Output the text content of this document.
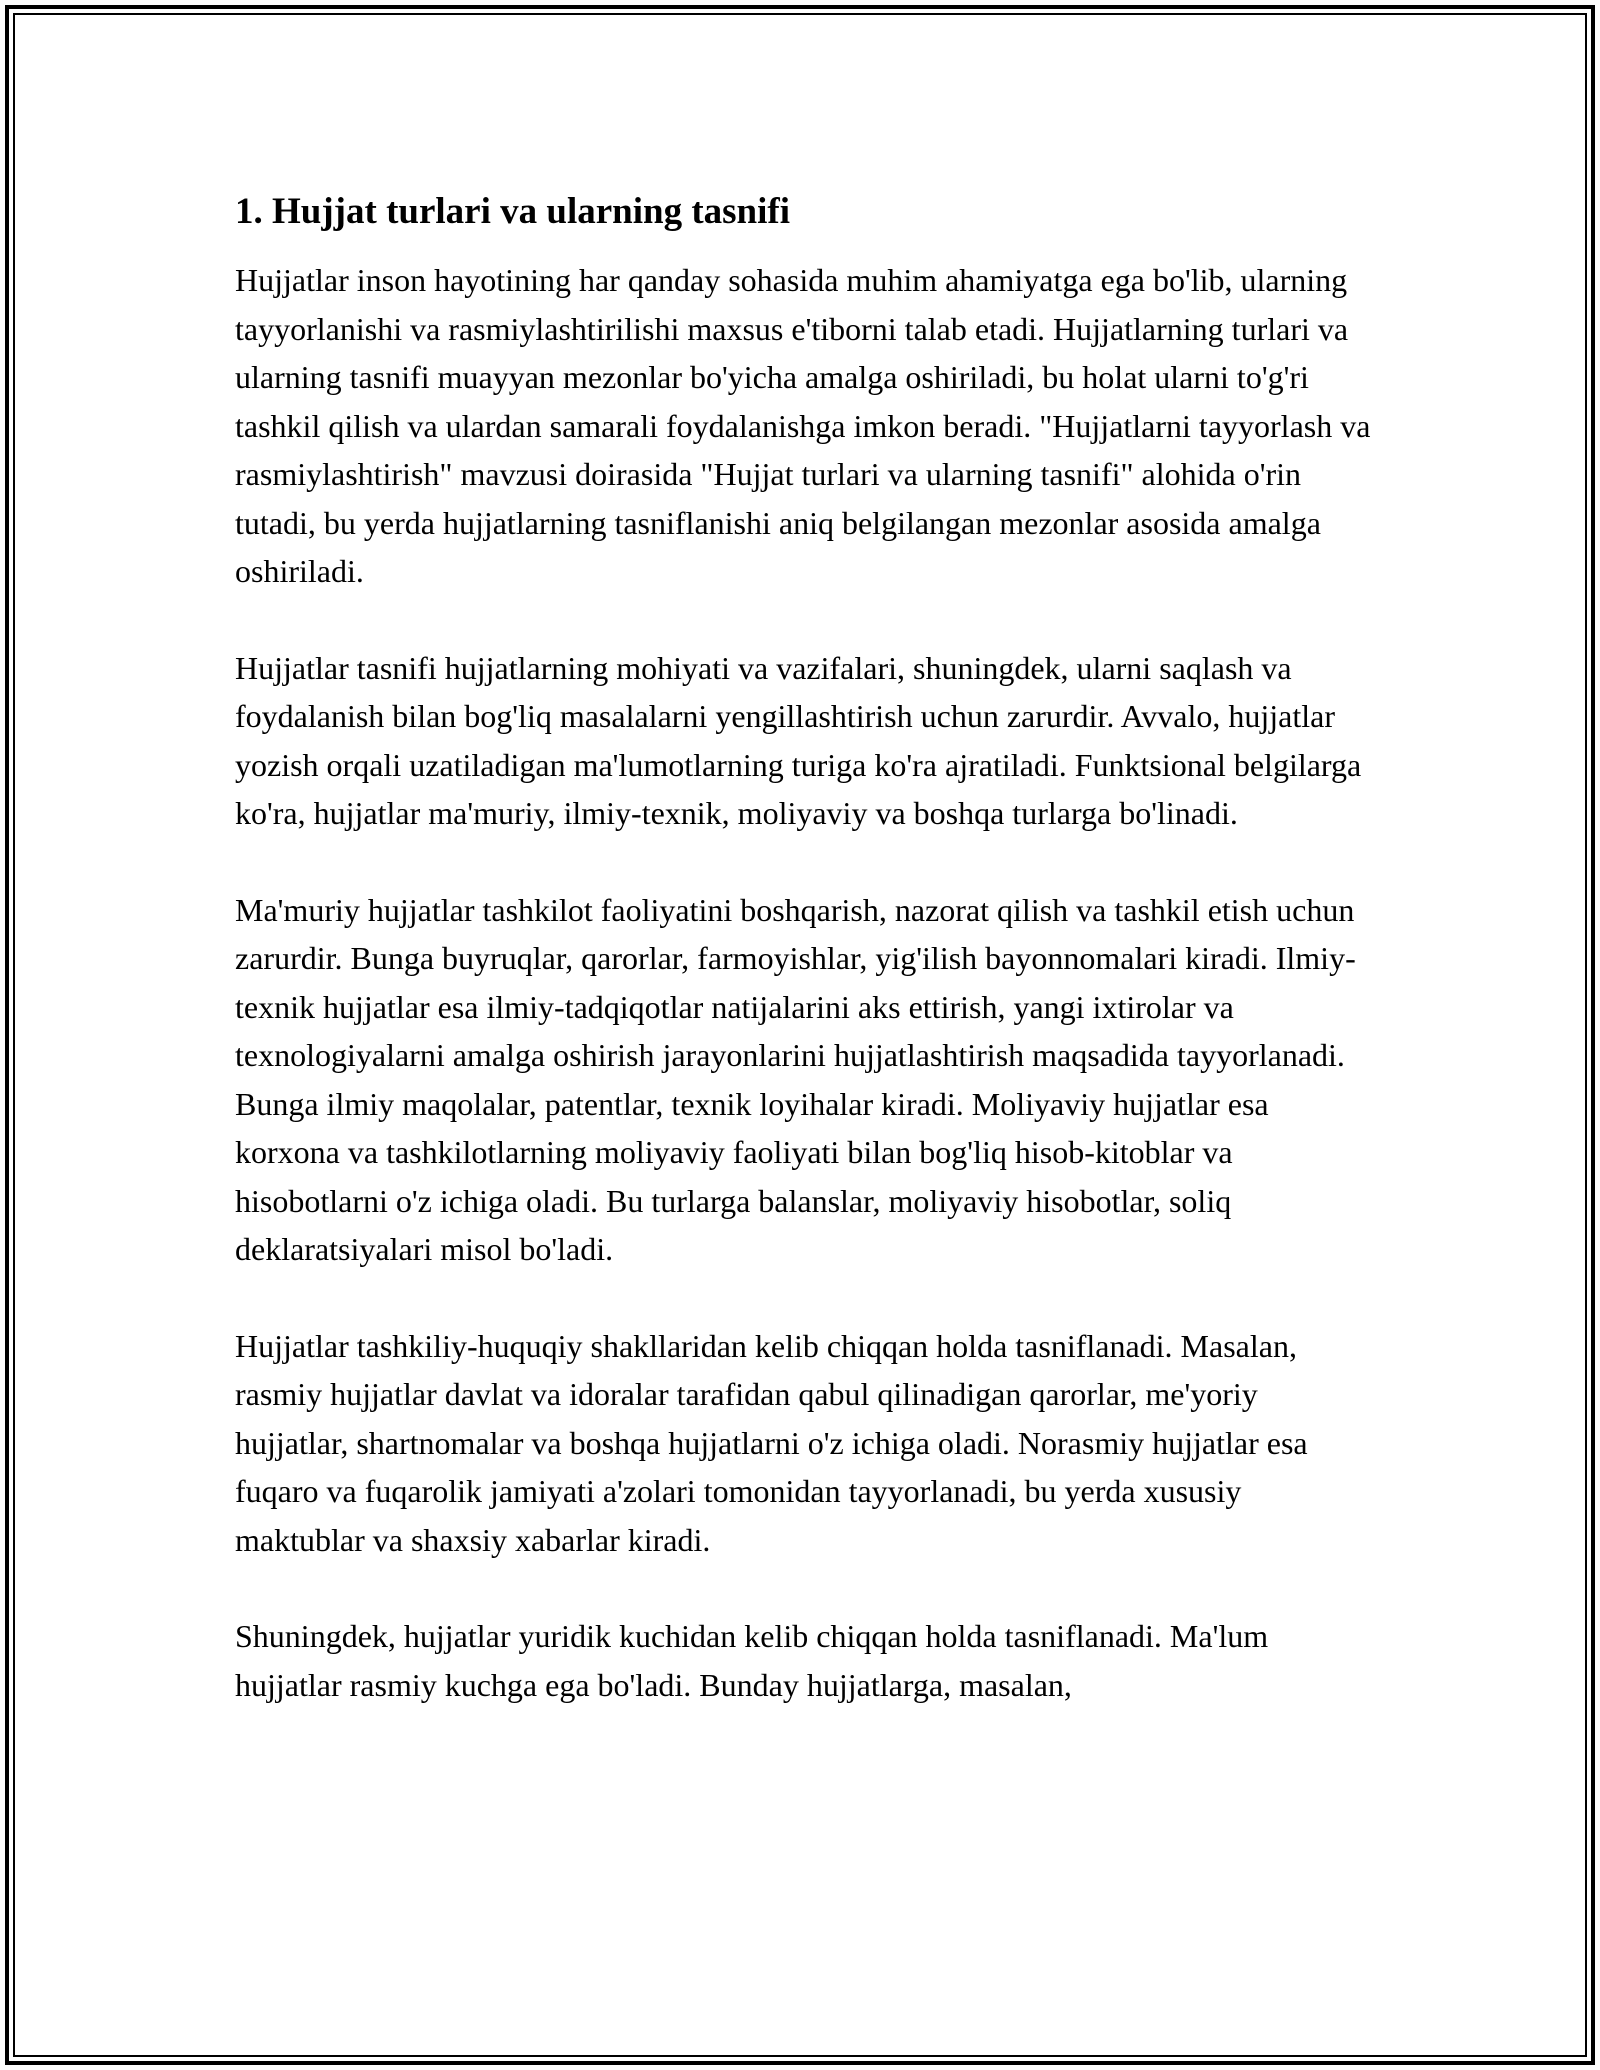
1. Hujjat turlari va ularning tasnifi

Hujjatlar inson hayotining har qanday sohasida muhim ahamiyatga ega bo'lib, ularning tayyorlanishi va rasmiylashtirilishi maxsus e'tiborni talab etadi. Hujjatlarning turlari va ularning tasnifi muayyan mezonlar bo'yicha amalga oshiriladi, bu holat ularni to'g'ri tashkil qilish va ulardan samarali foydalanishga imkon beradi. "Hujjatlarni tayyorlash va rasmiylashtirish" mavzusi doirasida "Hujjat turlari va ularning tasnifi" alohida o'rin tutadi, bu yerda hujjatlarning tasniflanishi aniq belgilangan mezonlar asosida amalga oshiriladi.

Hujjatlar tasnifi hujjatlarning mohiyati va vazifalari, shuningdek, ularni saqlash va foydalanish bilan bog'liq masalalarni yengillashtirish uchun zarurdir. Avvalo, hujjatlar yozish orqali uzatiladigan ma'lumotlarning turiga ko'ra ajratiladi. Funktsional belgilarga ko'ra, hujjatlar ma'muriy, ilmiy-texnik, moliyaviy va boshqa turlarga bo'linadi.

Ma'muriy hujjatlar tashkilot faoliyatini boshqarish, nazorat qilish va tashkil etish uchun zarurdir. Bunga buyruqlar, qarorlar, farmoyishlar, yig'ilish bayonnomalari kiradi. Ilmiy-texnik hujjatlar esa ilmiy-tadqiqotlar natijalarini aks ettirish, yangi ixtirolar va texnologiyalarni amalga oshirish jarayonlarini hujjatlashtirish maqsadida tayyorlanadi. Bunga ilmiy maqolalar, patentlar, texnik loyihalar kiradi. Moliyaviy hujjatlar esa korxona va tashkilotlarning moliyaviy faoliyati bilan bog'liq hisob-kitoblar va hisobotlarni o'z ichiga oladi. Bu turlarga balanslar, moliyaviy hisobotlar, soliq deklaratsiyalari misol bo'ladi.

Hujjatlar tashkiliy-huquqiy shakllaridan kelib chiqqan holda tasniflanadi. Masalan, rasmiy hujjatlar davlat va idoralar tarafidan qabul qilinadigan qarorlar, me'yoriy hujjatlar, shartnomalar va boshqa hujjatlarni o'z ichiga oladi. Norasmiy hujjatlar esa fuqaro va fuqarolik jamiyati a'zolari tomonidan tayyorlanadi, bu yerda xususiy maktublar va shaxsiy xabarlar kiradi.

Shuningdek, hujjatlar yuridik kuchidan kelib chiqqan holda tasniflanadi. Ma'lum hujjatlar rasmiy kuchga ega bo'ladi. Bunday hujjatlarga, masalan,
